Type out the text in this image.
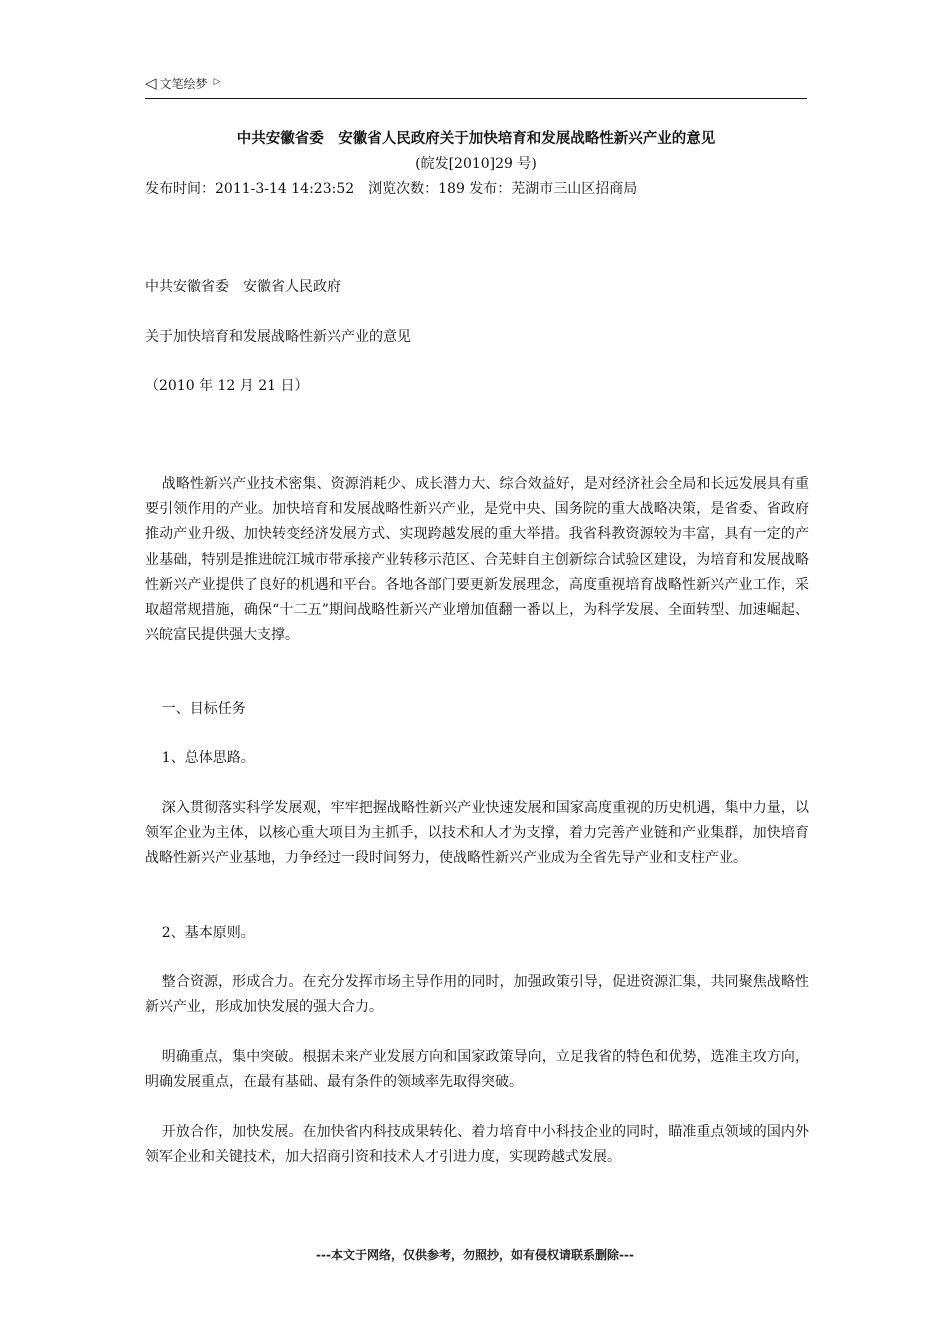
◁ 文笔绘梦 ▷
中共安徽省委　安徽省人民政府关于加快培育和发展战略性新兴产业的意见
(皖发[2010]29 号)
发布时间：2011-3-14 14:23:52　浏览次数：189 发布：芜湖市三山区招商局
中共安徽省委　安徽省人民政府
关于加快培育和发展战略性新兴产业的意见
（2010 年 12 月 21 日）
战略性新兴产业技术密集、资源消耗少、成长潜力大、综合效益好，是对经济社会全局和长远发展具有重要引领作用的产业。加快培育和发展战略性新兴产业，是党中央、国务院的重大战略决策，是省委、省政府推动产业升级、加快转变经济发展方式、实现跨越发展的重大举措。我省科教资源较为丰富，具有一定的产业基础，特别是推进皖江城市带承接产业转移示范区、合芜蚌自主创新综合试验区建设，为培育和发展战略性新兴产业提供了良好的机遇和平台。各地各部门要更新发展理念，高度重视培育战略性新兴产业工作，采取超常规措施，确保“十二五”期间战略性新兴产业增加值翻一番以上，为科学发展、全面转型、加速崛起、兴皖富民提供强大支撑。
一、目标任务
1、总体思路。
深入贯彻落实科学发展观，牢牢把握战略性新兴产业快速发展和国家高度重视的历史机遇，集中力量，以领军企业为主体，以核心重大项目为主抓手，以技术和人才为支撑，着力完善产业链和产业集群，加快培育战略性新兴产业基地，力争经过一段时间努力，使战略性新兴产业成为全省先导产业和支柱产业。
2、基本原则。
整合资源，形成合力。在充分发挥市场主导作用的同时，加强政策引导，促进资源汇集，共同聚焦战略性新兴产业，形成加快发展的强大合力。
明确重点，集中突破。根据未来产业发展方向和国家政策导向，立足我省的特色和优势，选准主攻方向，明确发展重点，在最有基础、最有条件的领域率先取得突破。
开放合作，加快发展。在加快省内科技成果转化、着力培育中小科技企业的同时，瞄准重点领域的国内外领军企业和关键技术，加大招商引资和技术人才引进力度，实现跨越式发展。
---本文于网络，仅供参考，勿照抄，如有侵权请联系删除---
